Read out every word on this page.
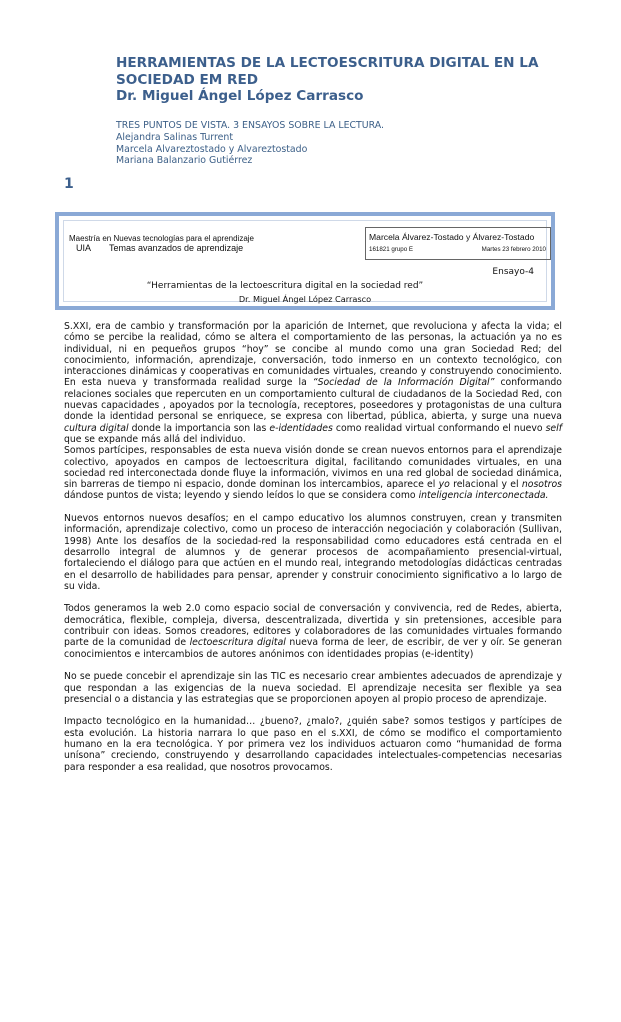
HERRAMIENTAS DE LA LECTOESCRITURA DIGITAL EN LA
SOCIEDAD EM RED
Dr. Miguel Ángel López Carrasco
TRES PUNTOS DE VISTA. 3 ENSAYOS SOBRE LA LECTURA.
Alejandra Salinas Turrent
Marcela Alvareztostado y Alvareztostado
Mariana Balanzario Gutiérrez
1
Maestría en Nuevas tecnologías para el aprendizaje
UIA Temas avanzados de aprendizaje
Marcela Álvarez-Tostado y Álvarez-Tostado
161821 grupo E	Martes 23 febrero 2010
Ensayo-4
“Herramientas de la lectoescritura digital en la sociedad red”
Dr. Miguel Ángel López Carrasco

S.XXI, era de cambio y transformación por la aparición de Internet, que revoluciona y afecta la vida; el cómo se percibe la realidad, cómo se altera el comportamiento de las personas, la actuación ya no es individual, ni en pequeños grupos “hoy” se concibe al mundo como una gran Sociedad Red; del conocimiento, información, aprendizaje, conversación, todo inmerso en un contexto tecnológico, con interacciones dinámicas y cooperativas en comunidades virtuales, creando y construyendo conocimiento. En esta nueva y transformada realidad surge la “Sociedad de la Información Digital” conformando relaciones sociales que repercuten en un comportamiento cultural de ciudadanos de la Sociedad Red, con nuevas capacidades , apoyados por la tecnología, receptores, poseedores y protagonistas de una cultura donde la identidad personal se enriquece, se expresa con libertad, pública, abierta, y surge una nueva cultura digital donde la importancia son las e-identidades como realidad virtual conformando el nuevo self que se expande más allá del individuo.

Somos partícipes, responsables de esta nueva visión donde se crean nuevos entornos para el aprendizaje colectivo, apoyados en campos de lectoescritura digital, facilitando comunidades virtuales, en una sociedad red interconectada donde fluye la información, vivimos en una red global de sociedad dinámica, sin barreras de tiempo ni espacio, donde dominan los intercambios, aparece el yo relacional y el nosotros dándose puntos de vista; leyendo y siendo leídos lo que se considera como inteligencia interconectada.

Nuevos entornos nuevos desafíos; en el campo educativo los alumnos construyen, crean y transmiten información, aprendizaje colectivo, como un proceso de interacción negociación y colaboración (Sullivan, 1998) Ante los desafíos de la sociedad-red la responsabilidad como educadores está centrada en el desarrollo integral de alumnos y de generar procesos de acompañamiento presencial-virtual, fortaleciendo el diálogo para que actúen en el mundo real, integrando metodologías didácticas centradas en el desarrollo de habilidades para pensar, aprender y construir conocimiento significativo a lo largo de su vida.

Todos generamos la web 2.0 como espacio social de conversación y convivencia, red de Redes, abierta, democrática, flexible, compleja, diversa, descentralizada, divertida y sin pretensiones, accesible para contribuir con ideas. Somos creadores, editores y colaboradores de las comunidades virtuales formando parte de la comunidad de lectoescritura digital nueva forma de leer, de escribir, de ver y oír. Se generan conocimientos e intercambios de autores anónimos con identidades propias (e-identity)

No se puede concebir el aprendizaje sin las TIC es necesario crear ambientes adecuados de aprendizaje y que respondan a las exigencias de la nueva sociedad. El aprendizaje necesita ser flexible ya sea presencial o a distancia y las estrategias que se proporcionen apoyen al propio proceso de aprendizaje.

Impacto tecnológico en la humanidad… ¿bueno?, ¿malo?, ¿quién sabe? somos testigos y partícipes de esta evolución. La historia narrara lo que paso en el s.XXI, de cómo se modifico el comportamiento humano en la era tecnológica. Y por primera vez los individuos actuaron como “humanidad de forma unísona” creciendo, construyendo y desarrollando capacidades intelectuales-competencias necesarias para responder a esa realidad, que nosotros provocamos.
